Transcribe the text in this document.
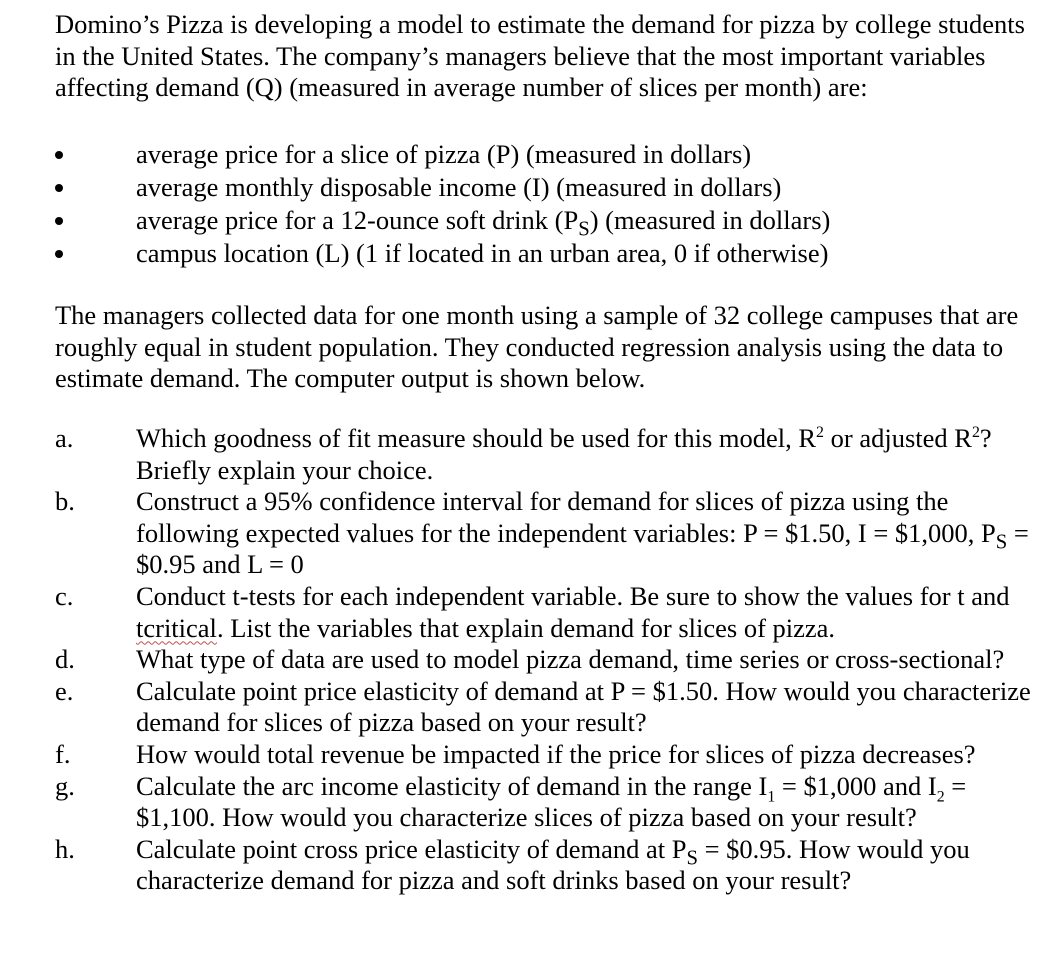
Domino’s Pizza is developing a model to estimate the demand for pizza by college students in the United States. The company’s managers believe that the most important variables affecting demand (Q) (measured in average number of slices per month) are:

average price for a slice of pizza (P) (measured in dollars)
average monthly disposable income (I) (measured in dollars)
average price for a 12-ounce soft drink $(P_S)$ (measured in dollars)
campus location (L) (1 if located in an urban area, 0 if otherwise)

The managers collected data for one month using a sample of 32 college campuses that are roughly equal in student population. They conducted regression analysis using the data to estimate demand. The computer output is shown below.

a. Which goodness of fit measure should be used for this model, $R^2$ or adjusted $R^2$? Briefly explain your choice.
b. Construct a 95% confidence interval for demand for slices of pizza using the following expected values for the independent variables: P = $1.50, I = $1,000, $P_S$ = $0.95 and L = 0
c. Conduct t-tests for each independent variable. Be sure to show the values for t and tcritical. List the variables that explain demand for slices of pizza.
d. What type of data are used to model pizza demand, time series or cross-sectional?
e. Calculate point price elasticity of demand at P = $1.50. How would you characterize demand for slices of pizza based on your result?
f. How would total revenue be impacted if the price for slices of pizza decreases?
g. Calculate the arc income elasticity of demand in the range $I_1$ = $1,000 and $I_2$ = $1,100. How would you characterize slices of pizza based on your result?
h. Calculate point cross price elasticity of demand at $P_S$ = $0.95. How would you characterize demand for pizza and soft drinks based on your result?
